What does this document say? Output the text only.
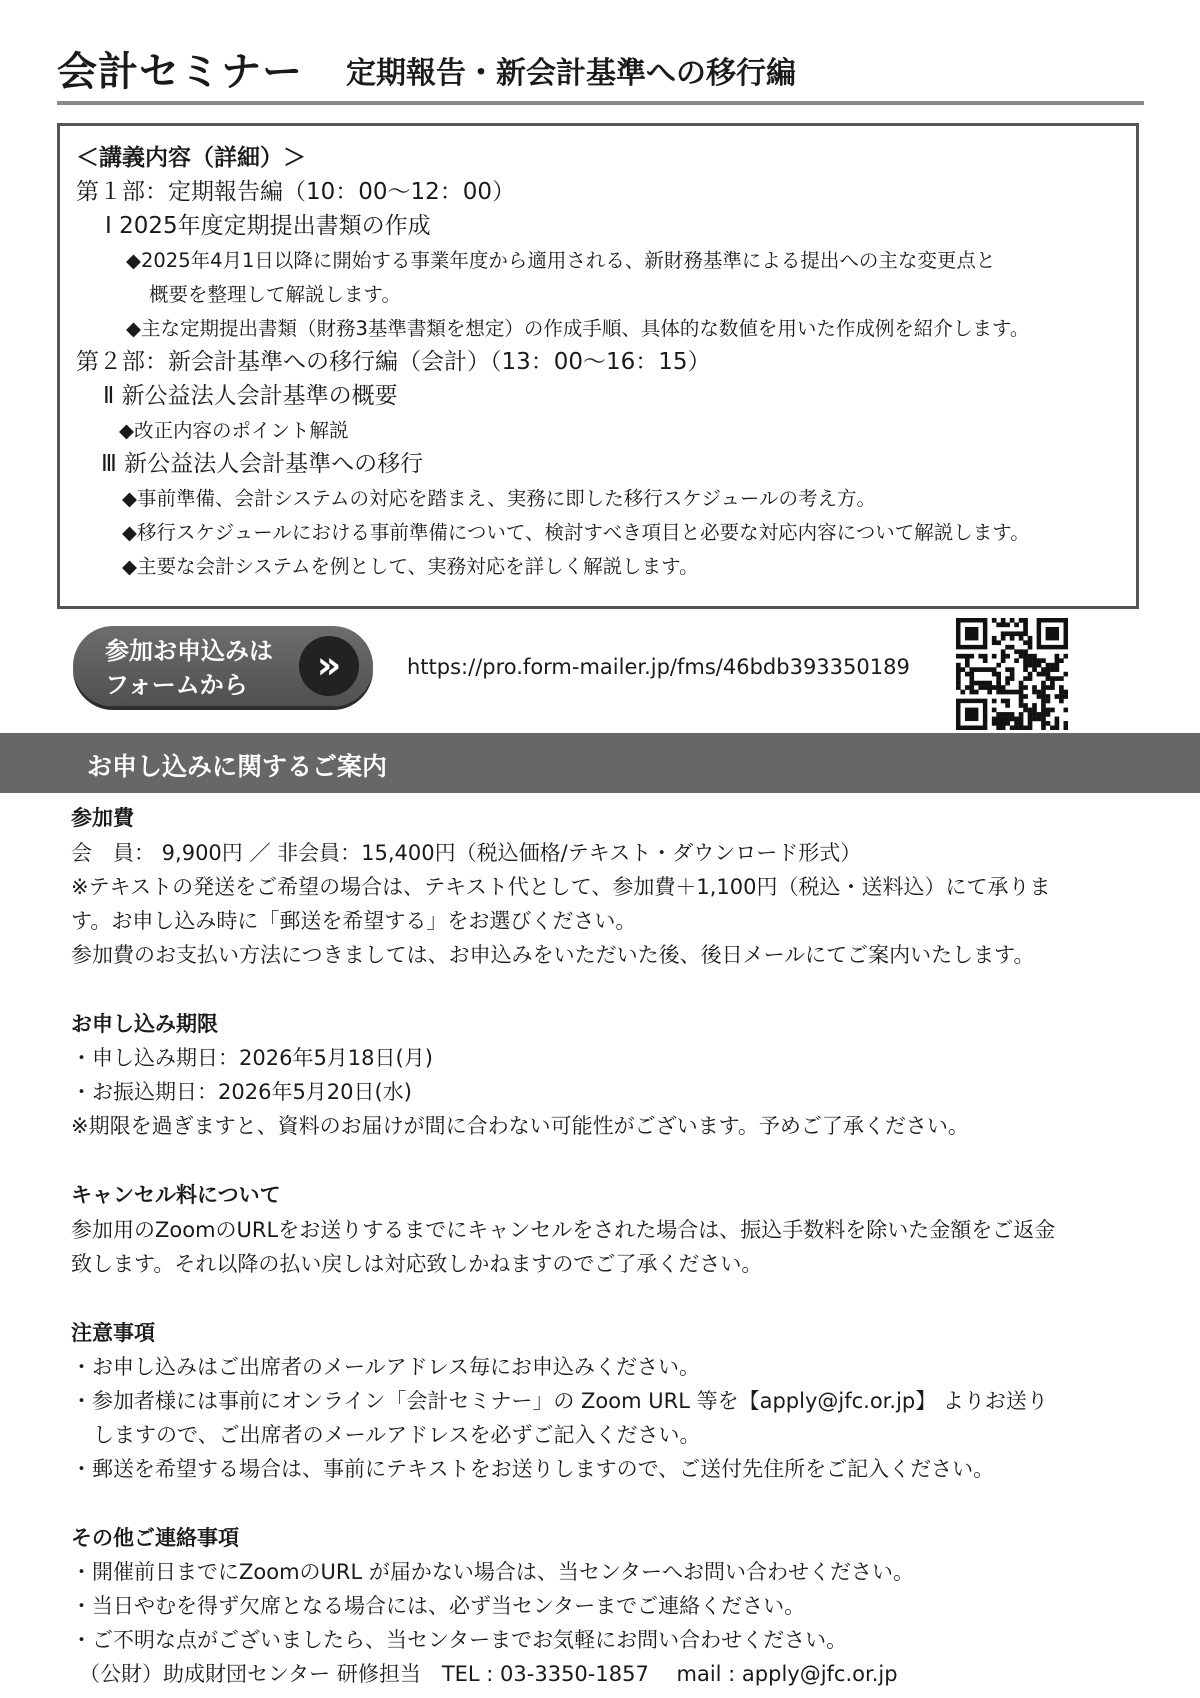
会計セミナー 定期報告・新会計基準への移行編
＜講義内容（詳細）＞
第１部：定期報告編（10：00〜12：00）
Ⅰ 2025年度定期提出書類の作成
◆2025年4月1日以降に開始する事業年度から適用される、新財務基準による提出への主な変更点と
概要を整理して解説します。
◆主な定期提出書類（財務3基準書類を想定）の作成手順、具体的な数値を用いた作成例を紹介します。
第２部：新会計基準への移行編（会計）（13：00〜16：15）
Ⅱ 新公益法人会計基準の概要
◆改正内容のポイント解説
Ⅲ 新公益法人会計基準への移行
◆事前準備、会計システムの対応を踏まえ、実務に即した移行スケジュールの考え方。
◆移行スケジュールにおける事前準備について、検討すべき項目と必要な対応内容について解説します。
◆主要な会計システムを例として、実務対応を詳しく解説します。
参加お申込みは
フォームから	»	https://pro.form-mailer.jp/fms/46bdb393350189
お申し込みに関するご案内
参加費
会　員： 9,900円 ／ 非会員：15,400円（税込価格/テキスト・ダウンロード形式）
※テキストの発送をご希望の場合は、テキスト代として、参加費＋1,100円（税込・送料込）にて承りま
す。お申し込み時に「郵送を希望する」をお選びください。
参加費のお支払い方法につきましては、お申込みをいただいた後、後日メールにてご案内いたします。
お申し込み期限
・申し込み期日：2026年5月18日(月)
・お振込期日：2026年5月20日(水)
※期限を過ぎますと、資料のお届けが間に合わない可能性がございます。予めご了承ください。
キャンセル料について
参加用のZoomのURLをお送りするまでにキャンセルをされた場合は、振込手数料を除いた金額をご返金
致します。それ以降の払い戻しは対応致しかねますのでご了承ください。
注意事項
・お申し込みはご出席者のメールアドレス毎にお申込みください。
・参加者様には事前にオンライン「会計セミナー」の Zoom URL 等を【apply@jfc.or.jp】 よりお送り
しますので、ご出席者のメールアドレスを必ずご記入ください。
・郵送を希望する場合は、事前にテキストをお送りしますので、ご送付先住所をご記入ください。
その他ご連絡事項
・開催前日までにZoomのURL が届かない場合は、当センターへお問い合わせください。
・当日やむを得ず欠席となる場合には、必ず当センターまでご連絡ください。
・ご不明な点がございましたら、当センターまでお気軽にお問い合わせください。
（公財）助成財団センター 研修担当　TEL : 03-3350-1857　 mail : apply@jfc.or.jp
